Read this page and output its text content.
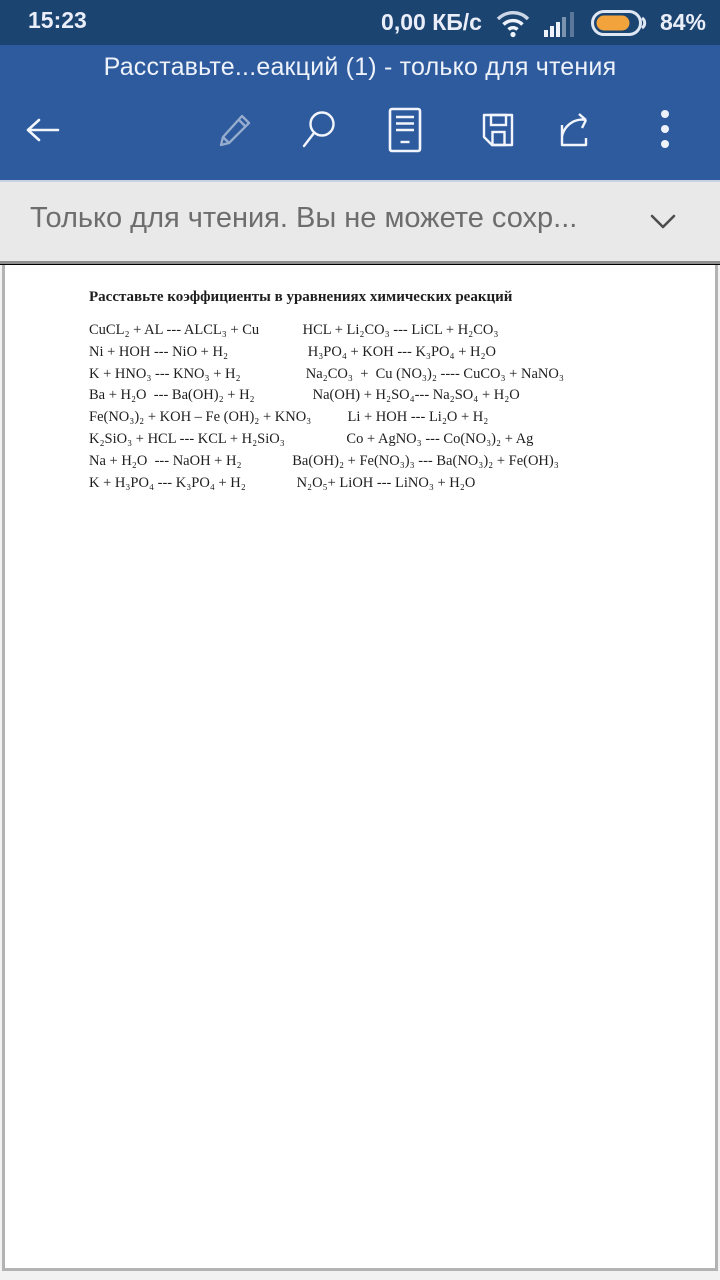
15:23	0,00 КБ/с	84%
Расставьте...еакций (1) - только для чтения
Только для чтения. Вы не можете сохр...
Расставьте коэффициенты в уравнениях химических реакций
CuCL₂ + AL --- ALCL₃ + Cu            HCL + Li₂CO₃ --- LiCL + H₂CO₃
Ni + HOH --- NiO + H₂                      H₃PO₄ + KOH --- K₃PO₄ + H₂O
K + HNO₃ --- KNO₃ + H₂                  Na₂CO₃  +  Cu (NO₃)₂ ---- CuCO₃ + NaNO₃
Ba + H₂O  --- Ba(OH)₂ + H₂                Na(OH) + H₂SO₄--- Na₂SO₄ + H₂O
Fe(NO₃)₂ + KOH – Fe (OH)₂ + KNO₃          Li + HOH --- Li₂O + H₂
K₂SiO₃ + HCL --- KCL + H₂SiO₃                 Co + AgNO₃ --- Co(NO₃)₂ + Ag
Na + H₂O  --- NaOH + H₂              Ba(OH)₂ + Fe(NO₃)₃ --- Ba(NO₃)₂ + Fe(OH)₃
K + H₃PO₄ --- K₃PO₄ + H₂              N₂O₅+ LiOH --- LiNO₃ + H₂O
